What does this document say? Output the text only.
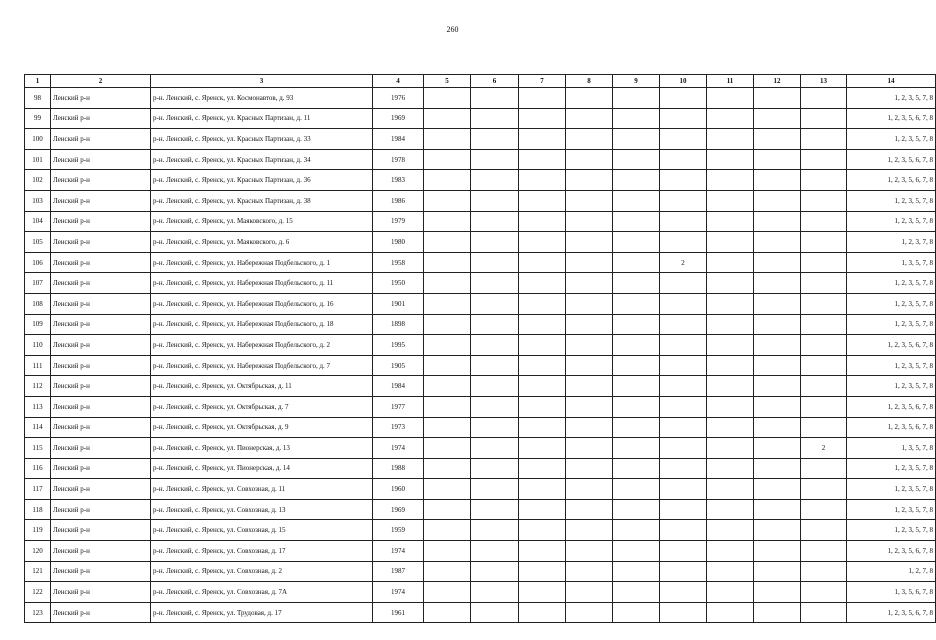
260
1	2	3	4	5	6	7	8	9	10	11	12	13	14
98	Ленский р-н	р-н. Ленский, с. Яренск, ул. Космонавтов, д. 93	1976										1, 2, 3, 5, 7, 8
99	Ленский р-н	р-н. Ленский, с. Яренск, ул. Красных Партизан, д. 11	1969										1, 2, 3, 5, 6, 7, 8
100	Ленский р-н	р-н. Ленский, с. Яренск, ул. Красных Партизан, д. 33	1984										1, 2, 3, 5, 7, 8
101	Ленский р-н	р-н. Ленский, с. Яренск, ул. Красных Партизан, д. 34	1978										1, 2, 3, 5, 6, 7, 8
102	Ленский р-н	р-н. Ленский, с. Яренск, ул. Красных Партизан, д. 36	1983										1, 2, 3, 5, 6, 7, 8
103	Ленский р-н	р-н. Ленский, с. Яренск, ул. Красных Партизан, д. 38	1986										1, 2, 3, 5, 7, 8
104	Ленский р-н	р-н. Ленский, с. Яренск, ул. Маяковского, д. 15	1979										1, 2, 3, 5, 7, 8
105	Ленский р-н	р-н. Ленский, с. Яренск, ул. Маяковского, д. 6	1980										1, 2, 3, 7, 8
106	Ленский р-н	р-н. Ленский, с. Яренск, ул. Набережная Подбельского, д. 1	1958						2				1, 3, 5, 7, 8
107	Ленский р-н	р-н. Ленский, с. Яренск, ул. Набережная Подбельского, д. 11	1950										1, 2, 3, 5, 7, 8
108	Ленский р-н	р-н. Ленский, с. Яренск, ул. Набережная Подбельского, д. 16	1901										1, 2, 3, 5, 7, 8
109	Ленский р-н	р-н. Ленский, с. Яренск, ул. Набережная Подбельского, д. 18	1898										1, 2, 3, 5, 7, 8
110	Ленский р-н	р-н. Ленский, с. Яренск, ул. Набережная Подбельского, д. 2	1995										1, 2, 3, 5, 6, 7, 8
111	Ленский р-н	р-н. Ленский, с. Яренск, ул. Набережная Подбельского, д. 7	1905										1, 2, 3, 5, 7, 8
112	Ленский р-н	р-н. Ленский, с. Яренск, ул. Октябрьская, д. 11	1984										1, 2, 3, 5, 7, 8
113	Ленский р-н	р-н. Ленский, с. Яренск, ул. Октябрьская, д. 7	1977										1, 2, 3, 5, 6, 7, 8
114	Ленский р-н	р-н. Ленский, с. Яренск, ул. Октябрьская, д. 9	1973										1, 2, 3, 5, 6, 7, 8
115	Ленский р-н	р-н. Ленский, с. Яренск, ул. Пионерская, д. 13	1974									2	1, 3, 5, 7, 8
116	Ленский р-н	р-н. Ленский, с. Яренск, ул. Пионерская, д. 14	1988										1, 2, 3, 5, 7, 8
117	Ленский р-н	р-н. Ленский, с. Яренск, ул. Совхозная, д. 11	1960										1, 2, 3, 5, 7, 8
118	Ленский р-н	р-н. Ленский, с. Яренск, ул. Совхозная, д. 13	1969										1, 2, 3, 5, 7, 8
119	Ленский р-н	р-н. Ленский, с. Яренск, ул. Совхозная, д. 15	1959										1, 2, 3, 5, 7, 8
120	Ленский р-н	р-н. Ленский, с. Яренск, ул. Совхозная, д. 17	1974										1, 2, 3, 5, 6, 7, 8
121	Ленский р-н	р-н. Ленский, с. Яренск, ул. Совхозная, д. 2	1987										1, 2, 7, 8
122	Ленский р-н	р-н. Ленский, с. Яренск, ул. Совхозная, д. 7А	1974										1, 3, 5, 6, 7, 8
123	Ленский р-н	р-н. Ленский, с. Яренск, ул. Трудовая, д. 17	1961										1, 2, 3, 5, 6, 7, 8
